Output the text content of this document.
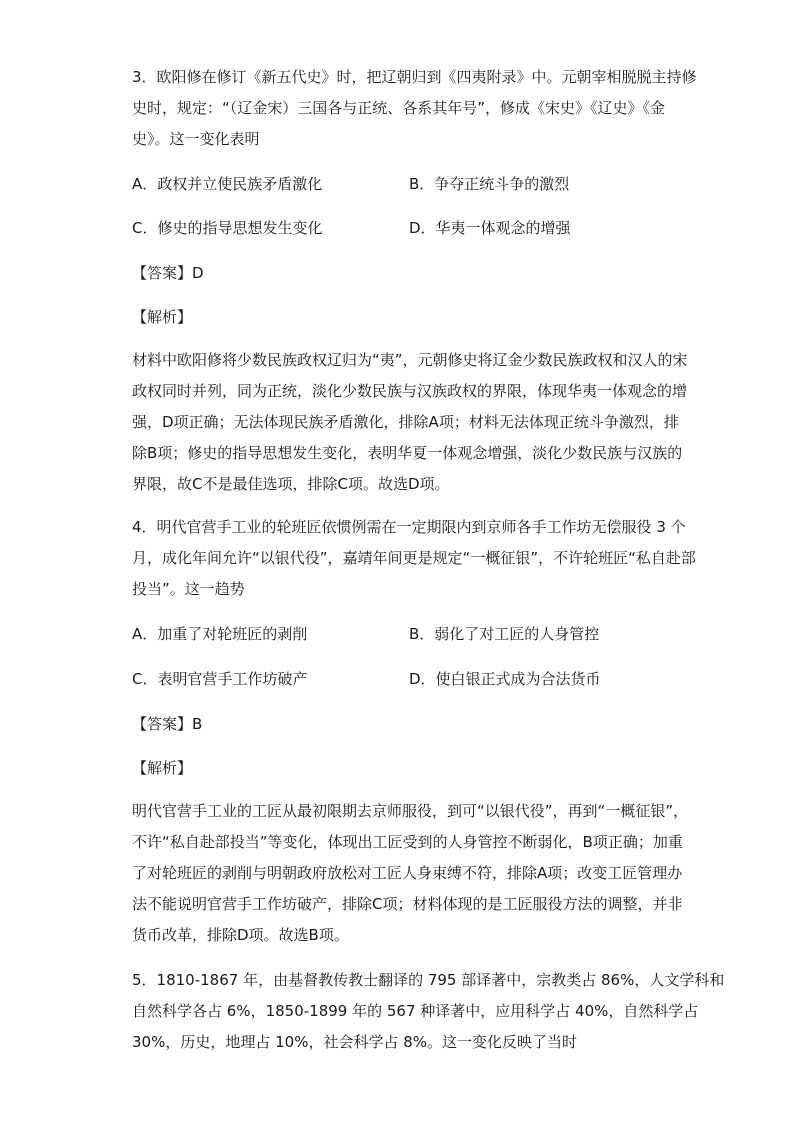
3．欧阳修在修订《新五代史》时，把辽朝归到《四夷附录》中。元朝宰相脱脱主持修
史时，规定：“（辽金宋）三国各与正统、各系其年号”，修成《宋史》《辽史》《金
史》。这一变化表明
A．政权并立使民族矛盾激化	B．争夺正统斗争的激烈
C．修史的指导思想发生变化	D．华夷一体观念的增强
【答案】D
【解析】
材料中欧阳修将少数民族政权辽归为“夷”，元朝修史将辽金少数民族政权和汉人的宋
政权同时并列，同为正统，淡化少数民族与汉族政权的界限，体现华夷一体观念的增
强，D项正确；无法体现民族矛盾激化，排除A项；材料无法体现正统斗争激烈，排
除B项；修史的指导思想发生变化，表明华夏一体观念增强，淡化少数民族与汉族的
界限，故C不是最佳选项，排除C项。故选D项。
4．明代官营手工业的轮班匠依惯例需在一定期限内到京师各手工作坊无偿服役 3 个
月，成化年间允许“以银代役”，嘉靖年间更是规定“一概征银”，不许轮班匠“私自赴部
投当”。这一趋势
A．加重了对轮班匠的剥削	B．弱化了对工匠的人身管控
C．表明官营手工作坊破产	D．使白银正式成为合法货币
【答案】B
【解析】
明代官营手工业的工匠从最初限期去京师服役，到可“以银代役”，再到“一概征银”，
不许“私自赴部投当”等变化，体现出工匠受到的人身管控不断弱化，B项正确；加重
了对轮班匠的剥削与明朝政府放松对工匠人身束缚不符，排除A项；改变工匠管理办
法不能说明官营手工作坊破产，排除C项；材料体现的是工匠服役方法的调整，并非
货币改革，排除D项。故选B项。
5．1810-1867 年，由基督教传教士翻译的 795 部译著中，宗教类占 86%，人文学科和
自然科学各占 6%，1850-1899 年的 567 种译著中，应用科学占 40%，自然科学占
30%，历史，地理占 10%，社会科学占 8%。这一变化反映了当时
